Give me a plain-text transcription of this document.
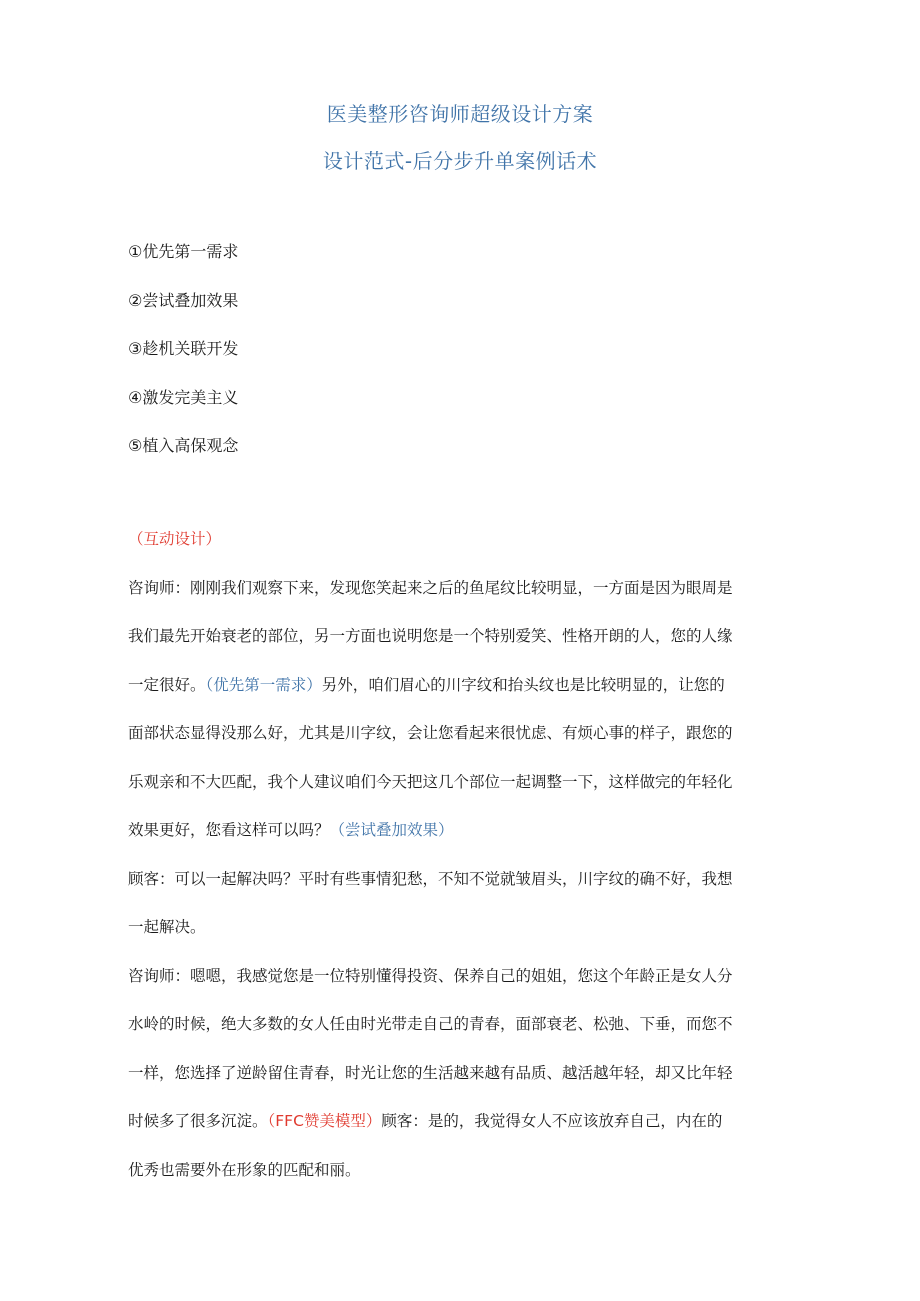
医美整形咨询师超级设计方案
设计范式-后分步升单案例话术
①优先第一需求
②尝试叠加效果
③趁机关联开发
④激发完美主义
⑤植入高保观念
（互动设计）
咨询师：刚刚我们观察下来，发现您笑起来之后的鱼尾纹比较明显，一方面是因为眼周是
我们最先开始衰老的部位，另一方面也说明您是一个特别爱笑、性格开朗的人，您的人缘
一定很好。（优先第一需求）另外，咱们眉心的川字纹和抬头纹也是比较明显的，让您的
面部状态显得没那么好，尤其是川字纹，会让您看起来很忧虑、有烦心事的样子，跟您的
乐观亲和不大匹配，我个人建议咱们今天把这几个部位一起调整一下，这样做完的年轻化
效果更好，您看这样可以吗？（尝试叠加效果）
顾客：可以一起解决吗？平时有些事情犯愁，不知不觉就皱眉头，川字纹的确不好，我想
一起解决。
咨询师：嗯嗯，我感觉您是一位特别懂得投资、保养自己的姐姐，您这个年龄正是女人分
水岭的时候，绝大多数的女人任由时光带走自己的青春，面部衰老、松弛、下垂，而您不
一样，您选择了逆龄留住青春，时光让您的生活越来越有品质、越活越年轻，却又比年轻
时候多了很多沉淀。（FFC赞美模型）顾客：是的，我觉得女人不应该放弃自己，内在的
优秀也需要外在形象的匹配和丽。
